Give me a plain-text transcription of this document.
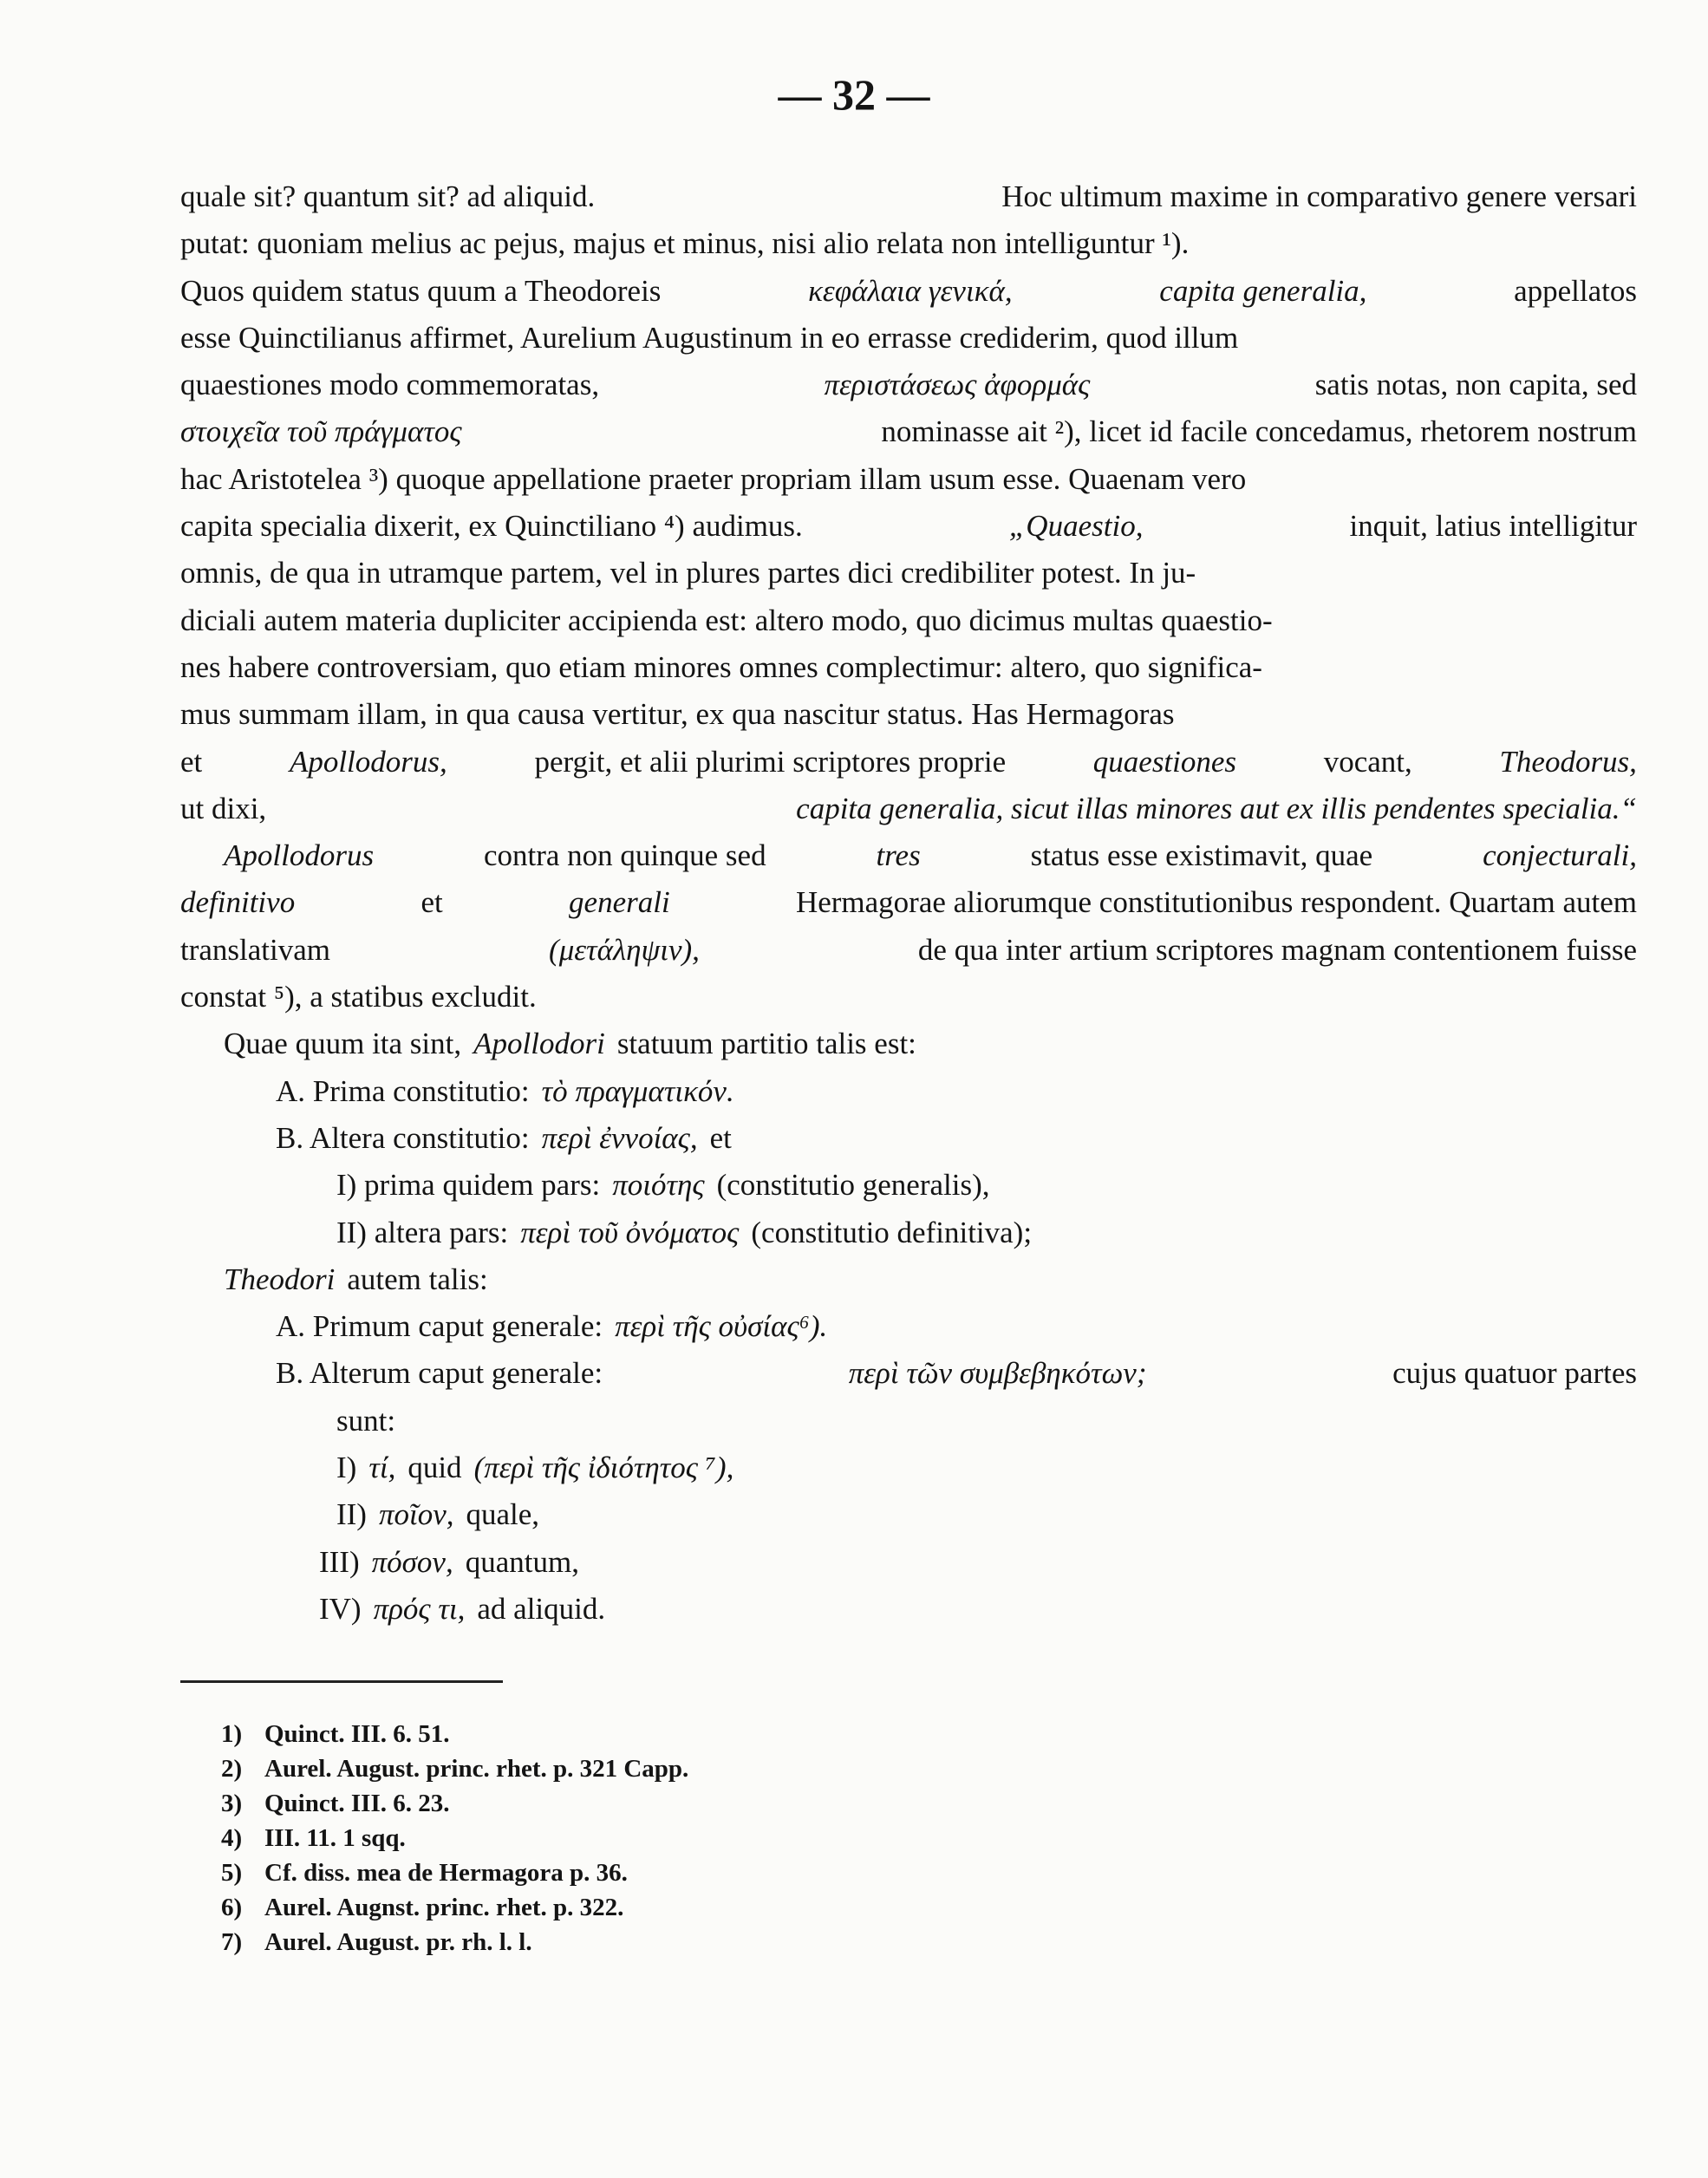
— 32 —
quale sit? quantum sit? ad aliquid.	Hoc ultimum maxime in comparativo genere versari
putat: quoniam melius ac pejus, majus et minus, nisi alio relata non intelliguntur ¹).
Quos quidem status quum a Theodoreis	κεφάλαια γενικά,	capita generalia,	appellatos
esse Quinctilianus affirmet, Aurelium Augustinum in eo errasse crediderim, quod illum
quaestiones modo commemoratas,	περιστάσεως ἀφορμάς	satis notas, non capita, sed
στοιχεῖα τοῦ πράγματος	nominasse ait ²), licet id facile concedamus, rhetorem nostrum
hac Aristotelea ³) quoque appellatione praeter propriam illam usum esse. Quaenam vero
capita specialia dixerit, ex Quinctiliano ⁴) audimus.	„Quaestio,	inquit, latius intelligitur
omnis, de qua in utramque partem, vel in plures partes dici credibiliter potest. In ju-
diciali autem materia dupliciter accipienda est: altero modo, quo dicimus multas quaestio-
nes habere controversiam, quo etiam minores omnes complectimur: altero, quo significa-
mus summam illam, in qua causa vertitur, ex qua nascitur status. Has Hermagoras
et	Apollodorus,	pergit, et alii plurimi scriptores proprie	quaestiones	vocant,	Theodorus,
ut dixi,	capita generalia, sicut illas minores aut ex illis pendentes specialia.“
Apollodorus	contra non quinque sed	tres	status esse existimavit, quae	conjecturali,
definitivo	et	generali	Hermagorae aliorumque constitutionibus respondent. Quartam autem
translativam	(μετάληψιν),	de qua inter artium scriptores magnam contentionem fuisse
constat ⁵), a statibus excludit.
Quae quum ita sint, Apollodori statuum partitio talis est:
A. Prima constitutio: τὸ πραγματικόν.
B. Altera constitutio: περὶ ἐννοίας, et
I) prima quidem pars: ποιότης (constitutio generalis),
II) altera pars: περὶ τοῦ ὀνόματος (constitutio definitiva);
Theodori autem talis:
A. Primum caput generale: περὶ τῆς οὐσίας⁶).
B. Alterum caput generale:	περὶ τῶν συμβεβηκότων;	cujus quatuor partes
sunt:
I) τί, quid (περὶ τῆς ἰδιότητος ⁷),
II) ποῖον, quale,
III) πόσον, quantum,
IV) πρός τι, ad aliquid.
1) Quinct. III. 6. 51.
2) Aurel. August. princ. rhet. p. 321 Capp.
3) Quinct. III. 6. 23.
4) III. 11. 1 sqq.
5) Cf. diss. mea de Hermagora p. 36.
6) Aurel. Augnst. princ. rhet. p. 322.
7) Aurel. August. pr. rh. l. l.
